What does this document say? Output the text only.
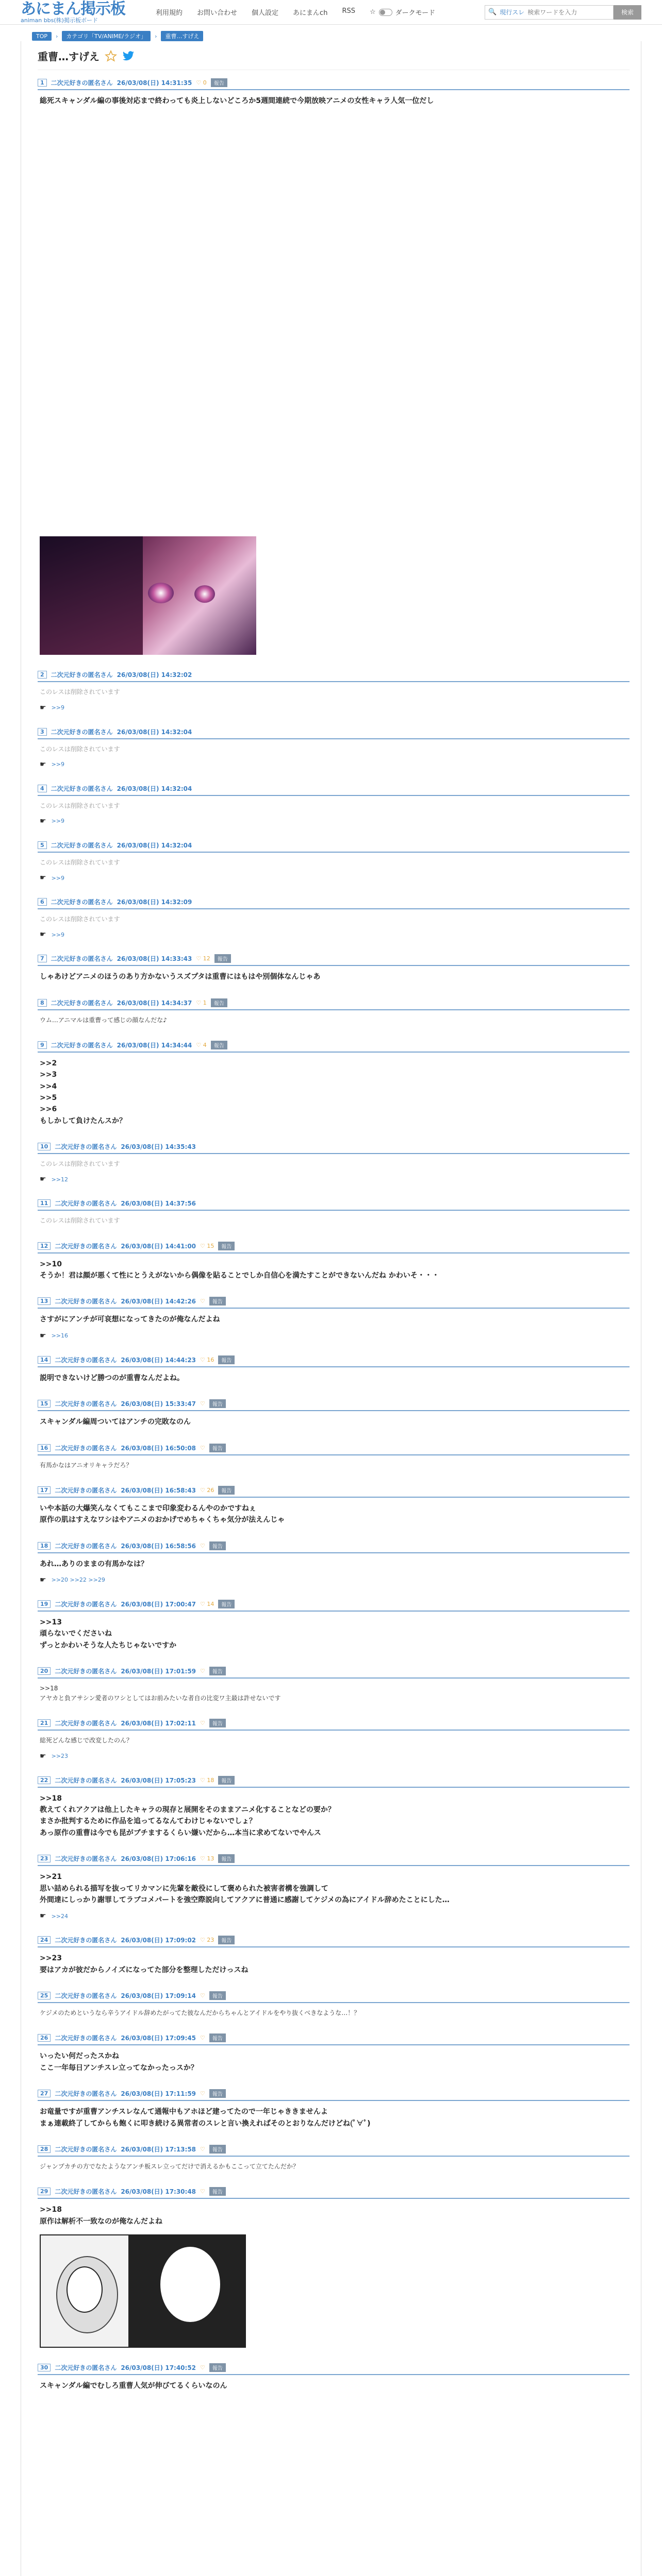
あにまん掲示板
animan bbs(株)掲示板ボード
利用規約 お問い合わせ 個人設定 あにまんch RSS ☆	ダークモード	🔍 現行スレ
検索ワードを入力	検索
TOP	›	カテゴリ「TV/ANIME/ラジオ」	›	重曹…すげえ
重曹…すげえ
1	二次元好きの匿名さん 26/03/08(日) 14:31:35 ♡ 0	報告
総死スキャンダル編の事後対応まで終わっても炎上しないどころか5週間連続で今期放映アニメの女性キャラ人気一位だし
2	二次元好きの匿名さん 26/03/08(日) 14:32:02
このレスは削除されています
☛ >>9
3	二次元好きの匿名さん 26/03/08(日) 14:32:04
このレスは削除されています
☛ >>9
4	二次元好きの匿名さん 26/03/08(日) 14:32:04
このレスは削除されています
☛ >>9
5	二次元好きの匿名さん 26/03/08(日) 14:32:04
このレスは削除されています
☛ >>9
6	二次元好きの匿名さん 26/03/08(日) 14:32:09
このレスは削除されています
☛ >>9
7	二次元好きの匿名さん 26/03/08(日) 14:33:43 ♡ 12	報告
しゃあけどアニメのほうのあり方かないうスズプタは重曹にはもはや別個体なんじゃあ
8	二次元好きの匿名さん 26/03/08(日) 14:34:37 ♡ 1	報告
ウム…アニマルは重曹って感じの顔なんだな♪
9	二次元好きの匿名さん 26/03/08(日) 14:34:44 ♡ 4	報告
>>2
>>3
>>4
>>5
>>6
もしかして負けたんスか？
10	二次元好きの匿名さん 26/03/08(日) 14:35:43
このレスは削除されています
☛ >>12
11	二次元好きの匿名さん 26/03/08(日) 14:37:56
このレスは削除されています
12	二次元好きの匿名さん 26/03/08(日) 14:41:00 ♡ 15	報告
>>10
そうか！君は顔が悪くて性にとうえがないから偶像を貼ることでしか自信心を満たすことができないんだね かわいそ・・・
13	二次元好きの匿名さん 26/03/08(日) 14:42:26 ♡	報告
さすがにアンチが可哀想になってきたのが俺なんだよね
☛ >>16
14	二次元好きの匿名さん 26/03/08(日) 14:44:23 ♡ 16	報告
説明できないけど勝つのが重曹なんだよね。
15	二次元好きの匿名さん 26/03/08(日) 15:33:47 ♡	報告
スキャンダル編周ついてはアンチの完敗なのん
16	二次元好きの匿名さん 26/03/08(日) 16:50:08 ♡	報告
有馬かなはアニオリキャラだろ？
17	二次元好きの匿名さん 26/03/08(日) 16:58:43 ♡ 26	報告
いや本話の大爆笑んなくてもここまで印象変わるんやのかですねぇ
原作の肌はすえなワシはやアニメのおかげでめちゃくちゃ気分が法えんじゃ
18	二次元好きの匿名さん 26/03/08(日) 16:58:56 ♡	報告
あれ…ありのままの有馬かなは？
☛ >>20 >>22 >>29
19	二次元好きの匿名さん 26/03/08(日) 17:00:47 ♡ 14	報告
>>13
頑らないでくださいね
ずっとかわいそうな人たちじゃないですか
20	二次元好きの匿名さん 26/03/08(日) 17:01:59 ♡	報告
>>18
アヤカと負アサシン愛者のワシとしてはお前みたいな者自の比変ワ主最は許せないです
21	二次元好きの匿名さん 26/03/08(日) 17:02:11 ♡	報告
総死どんな感じで改変したのん？
☛ >>23
22	二次元好きの匿名さん 26/03/08(日) 17:05:23 ♡ 18	報告
>>18
教えてくれアクアは他上したキャラの現存と展開をそのままアニメ化することなどの要か？
まさか批判するために作品を追ってるなんてわけじゃないでしょ？
あっ原作の重曹は今でも昆がブチまするくらい嫌いだから…本当に求めてないでやんス
23	二次元好きの匿名さん 26/03/08(日) 17:06:16 ♡ 13	報告
>>21
思い詰められる描写を抜ってリカマンに先輩を敵役にして褒められた被害者構を強調して
外間達にしっかり謝罪してラブコメパートを強空際説向してアクアに普通に感謝してケジメの為にアイドル辞めたことにした…
☛ >>24
24	二次元好きの匿名さん 26/03/08(日) 17:09:02 ♡ 23	報告
>>23
要はアカが彼だからノイズになってた部分を整理しただけっスね
25	二次元好きの匿名さん 26/03/08(日) 17:09:14 ♡	報告
ケジメのためというなら辛うアイドル辞めたがってた彼なんだからちゃんとアイドルをやり抜くべきなような…！？
26	二次元好きの匿名さん 26/03/08(日) 17:09:45 ♡	報告
いったい何だったスかね
ここ一年毎日アンチスレ立ってなかったっスか？
27	二次元好きの匿名さん 26/03/08(日) 17:11:59 ♡	報告
お竜量ですが重曹アンチスレなんて通報中もアホほど建ってたので一年じゃききませんよ
まぁ連載終了してからも飽くに叩き続ける異常者のスレと言い換えればそのとおりなんだけどね(ﾟ∀ﾟ)
28	二次元好きの匿名さん 26/03/08(日) 17:13:58 ♡	報告
ジャンプカチの方でなたようなアンチ板スレ立ってだけで消えるかもここって立てたんだか？
29	二次元好きの匿名さん 26/03/08(日) 17:30:48 ♡	報告
>>18
原作は解析不一致なのが俺なんだよね
30	二次元好きの匿名さん 26/03/08(日) 17:40:52 ♡	報告
スキャンダル編でむしろ重曹人気が伸びてるくらいなのん
